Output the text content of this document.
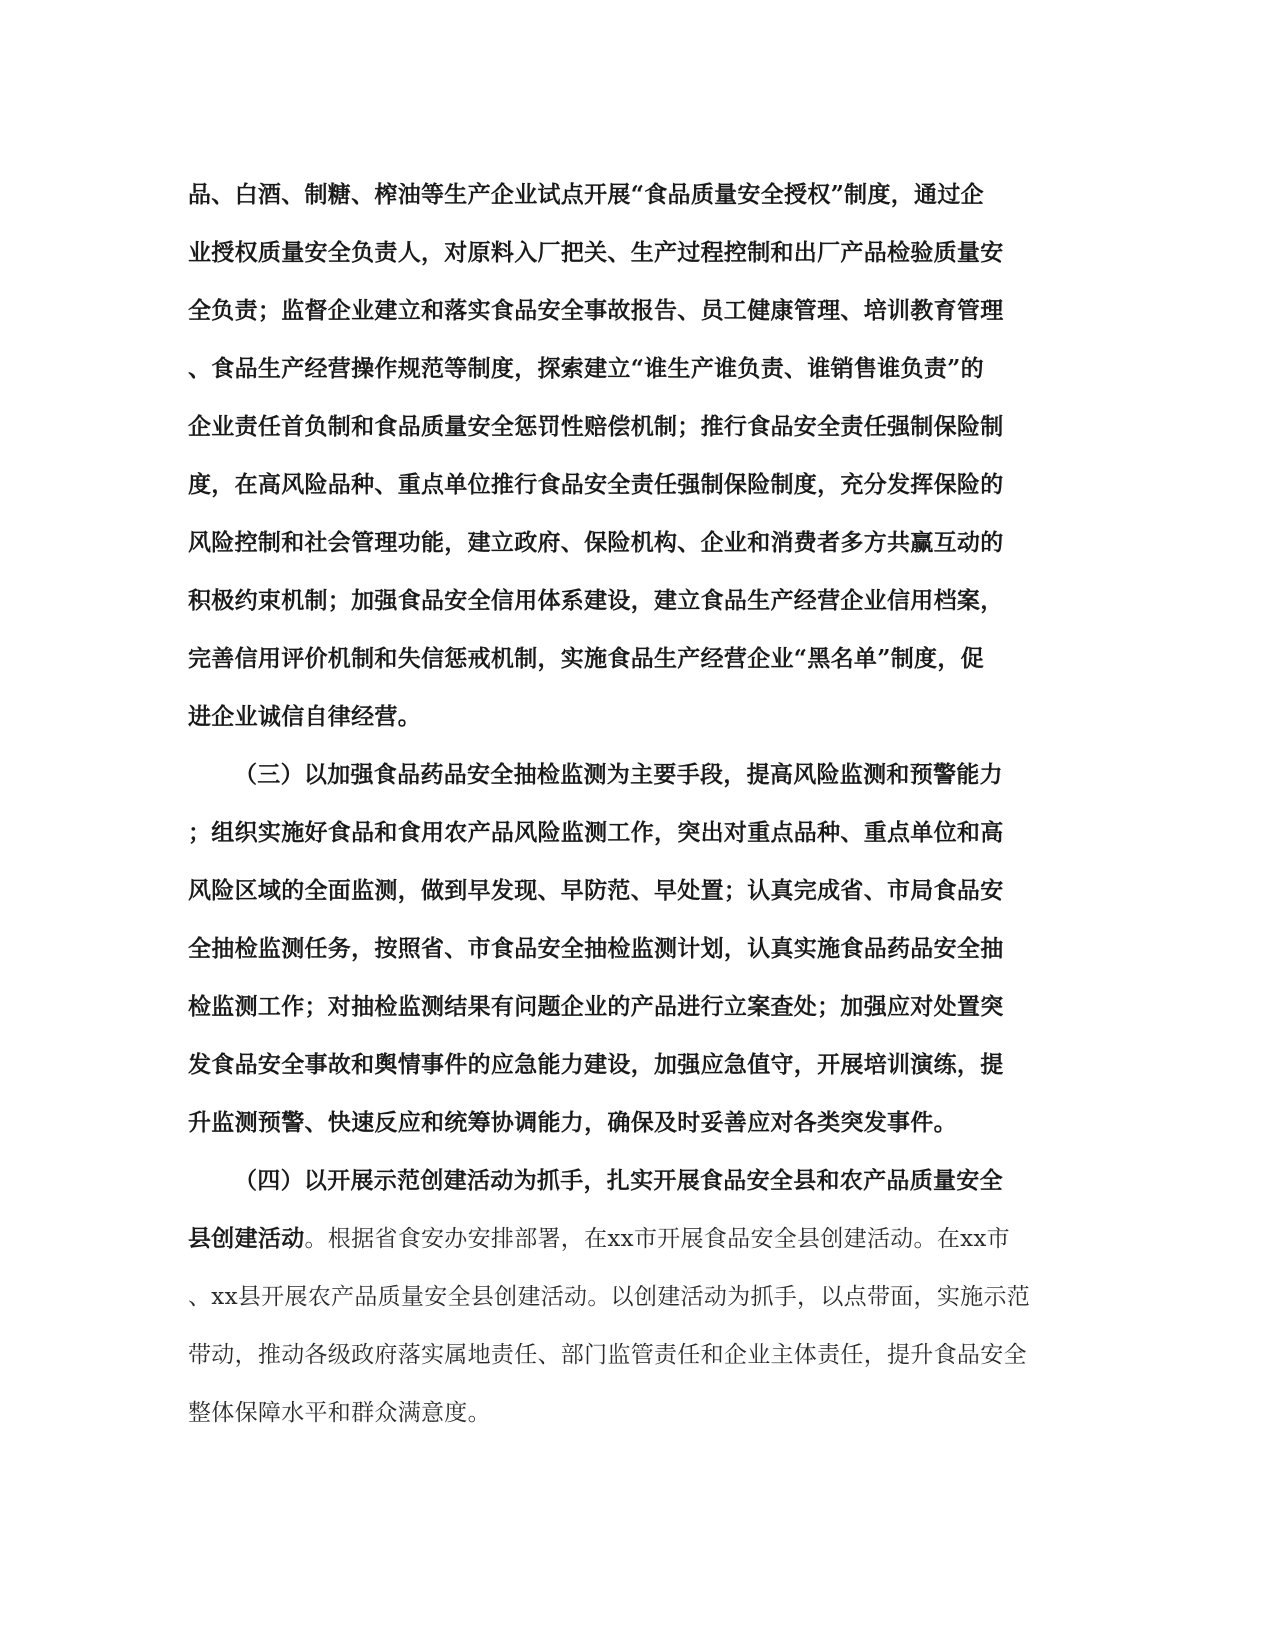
品、白酒、制糖、榨油等生产企业试点开展“食品质量安全授权”制度，通过企
业授权质量安全负责人，对原料入厂把关、生产过程控制和出厂产品检验质量安
全负责；监督企业建立和落实食品安全事故报告、员工健康管理、培训教育管理
、食品生产经营操作规范等制度，探索建立“谁生产谁负责、谁销售谁负责”的
企业责任首负制和食品质量安全惩罚性赔偿机制；推行食品安全责任强制保险制
度，在高风险品种、重点单位推行食品安全责任强制保险制度，充分发挥保险的
风险控制和社会管理功能，建立政府、保险机构、企业和消费者多方共赢互动的
积极约束机制；加强食品安全信用体系建设，建立食品生产经营企业信用档案，
完善信用评价机制和失信惩戒机制，实施食品生产经营企业“黑名单”制度，促
进企业诚信自律经营。
（三）以加强食品药品安全抽检监测为主要手段，提高风险监测和预警能力
；组织实施好食品和食用农产品风险监测工作，突出对重点品种、重点单位和高
风险区域的全面监测，做到早发现、早防范、早处置；认真完成省、市局食品安
全抽检监测任务，按照省、市食品安全抽检监测计划，认真实施食品药品安全抽
检监测工作；对抽检监测结果有问题企业的产品进行立案查处；加强应对处置突
发食品安全事故和舆情事件的应急能力建设，加强应急值守，开展培训演练，提
升监测预警、快速反应和统筹协调能力，确保及时妥善应对各类突发事件。
（四）以开展示范创建活动为抓手，扎实开展食品安全县和农产品质量安全
县创建活动。根据省食安办安排部署，在xx市开展食品安全县创建活动。在xx市
、xx县开展农产品质量安全县创建活动。以创建活动为抓手，以点带面，实施示范
带动，推动各级政府落实属地责任、部门监管责任和企业主体责任，提升食品安全
整体保障水平和群众满意度。
